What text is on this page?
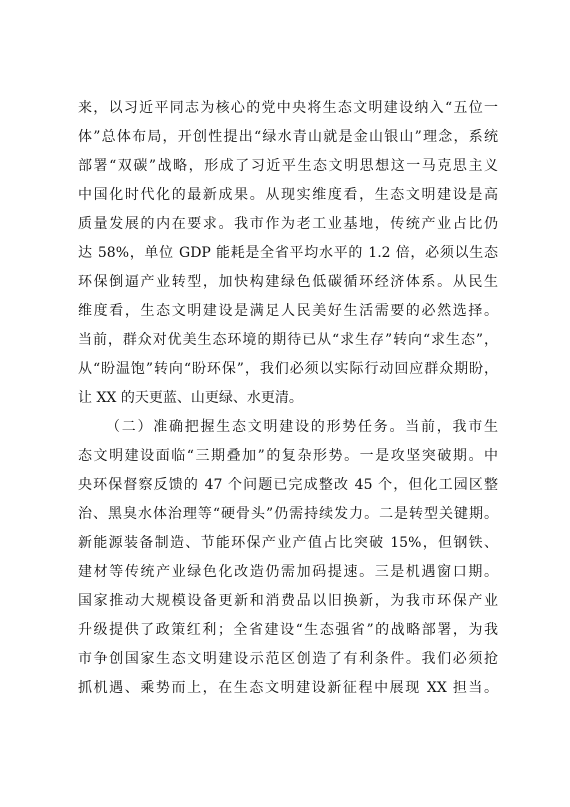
来，以习近平同志为核心的党中央将生态文明建设纳入“五位一
体”总体布局，开创性提出“绿水青山就是金山银山”理念，系统
部署“双碳”战略，形成了习近平生态文明思想这一马克思主义
中国化时代化的最新成果。从现实维度看，生态文明建设是高
质量发展的内在要求。我市作为老工业基地，传统产业占比仍
达 58%，单位 GDP 能耗是全省平均水平的 1.2 倍，必须以生态
环保倒逼产业转型，加快构建绿色低碳循环经济体系。从民生
维度看，生态文明建设是满足人民美好生活需要的必然选择。
当前，群众对优美生态环境的期待已从“求生存”转向“求生态”，
从“盼温饱”转向“盼环保”，我们必须以实际行动回应群众期盼，
让 XX 的天更蓝、山更绿、水更清。

（二）准确把握生态文明建设的形势任务。当前，我市生
态文明建设面临“三期叠加”的复杂形势。一是攻坚突破期。中
央环保督察反馈的 47 个问题已完成整改 45 个，但化工园区整
治、黑臭水体治理等“硬骨头”仍需持续发力。二是转型关键期。
新能源装备制造、节能环保产业产值占比突破 15%，但钢铁、
建材等传统产业绿色化改造仍需加码提速。三是机遇窗口期。
国家推动大规模设备更新和消费品以旧换新，为我市环保产业
升级提供了政策红利；全省建设“生态强省”的战略部署，为我
市争创国家生态文明建设示范区创造了有利条件。我们必须抢
抓机遇、乘势而上，在生态文明建设新征程中展现 XX 担当。
